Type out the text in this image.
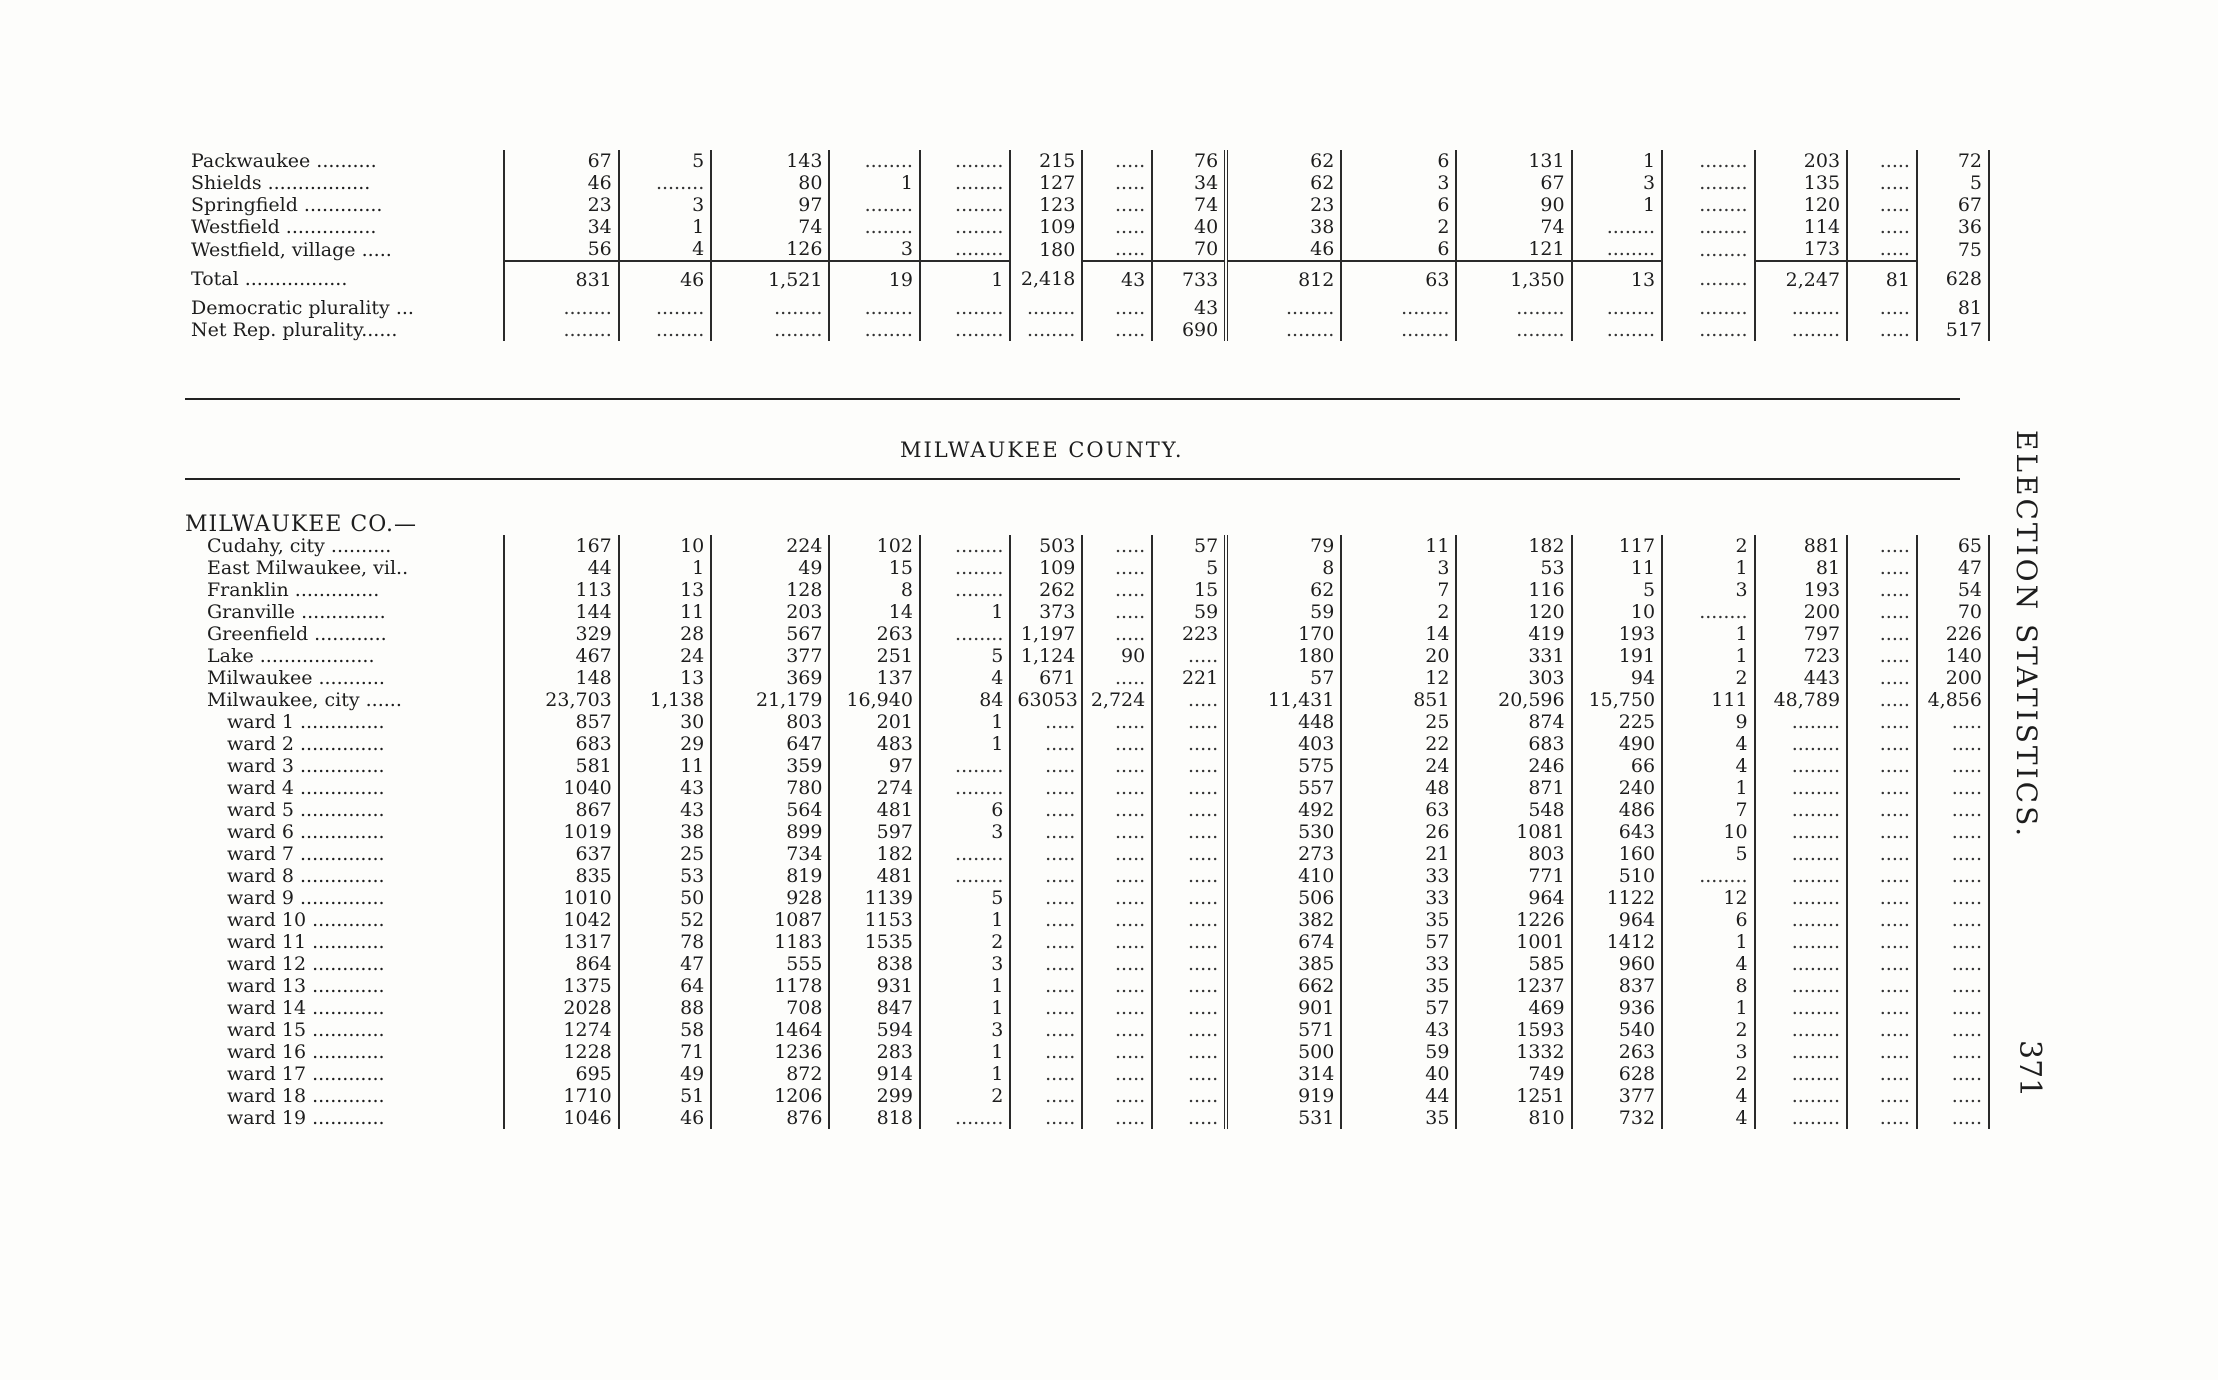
Packwaukee ..........	67	5	143	........	........	215	.....	76	62	6	131	1	........	203	.....	72
Shields .................	46	........	80	1	........	127	.....	34	62	3	67	3	........	135	.....	5
Springfield .............	23	3	97	........	........	123	.....	74	23	6	90	1	........	120	.....	67
Westfield ...............	34	1	74	........	........	109	.....	40	38	2	74	........	........	114	.....	36
Westfield, village .....	56	4	126	3	........	180	.....	70	46	6	121	........	........	173	.....	75
Total .................	831	46	1,521	19	1	2,418	43	733	812	63	1,350	13	........	2,247	81	628
Democratic plurality ...	........	........	........	........	........	........	.....	43	........	........	........	........	........	........	.....	81
Net Rep. plurality......	........	........	........	........	........	........	.....	690	........	........	........	........	........	........	.....	517
MILWAUKEE COUNTY.
MILWAUKEE CO.—
Cudahy, city ..........	167	10	224	102	........	503	.....	57	79	11	182	117	2	881	.....	65
East Milwaukee, vil..	44	1	49	15	........	109	.....	5	8	3	53	11	1	81	.....	47
Franklin ..............	113	13	128	8	........	262	.....	15	62	7	116	5	3	193	.....	54
Granville ..............	144	11	203	14	1	373	.....	59	59	2	120	10	........	200	.....	70
Greenfield ............	329	28	567	263	........	1,197	.....	223	170	14	419	193	1	797	.....	226
Lake ...................	467	24	377	251	5	1,124	90	.....	180	20	331	191	1	723	.....	140
Milwaukee ...........	148	13	369	137	4	671	.....	221	57	12	303	94	2	443	.....	200
Milwaukee, city ......	23,703	1,138	21,179	16,940	84	63053	2,724	.....	11,431	851	20,596	15,750	111	48,789	.....	4,856
ward 1 ..............	857	30	803	201	1	.....	.....	.....	448	25	874	225	9	........	.....	.....
ward 2 ..............	683	29	647	483	1	.....	.....	.....	403	22	683	490	4	........	.....	.....
ward 3 ..............	581	11	359	97	........	.....	.....	.....	575	24	246	66	4	........	.....	.....
ward 4 ..............	1040	43	780	274	........	.....	.....	.....	557	48	871	240	1	........	.....	.....
ward 5 ..............	867	43	564	481	6	.....	.....	.....	492	63	548	486	7	........	.....	.....
ward 6 ..............	1019	38	899	597	3	.....	.....	.....	530	26	1081	643	10	........	.....	.....
ward 7 ..............	637	25	734	182	........	.....	.....	.....	273	21	803	160	5	........	.....	.....
ward 8 ..............	835	53	819	481	........	.....	.....	.....	410	33	771	510	........	........	.....	.....
ward 9 ..............	1010	50	928	1139	5	.....	.....	.....	506	33	964	1122	12	........	.....	.....
ward 10 ............	1042	52	1087	1153	1	.....	.....	.....	382	35	1226	964	6	........	.....	.....
ward 11 ............	1317	78	1183	1535	2	.....	.....	.....	674	57	1001	1412	1	........	.....	.....
ward 12 ............	864	47	555	838	3	.....	.....	.....	385	33	585	960	4	........	.....	.....
ward 13 ............	1375	64	1178	931	1	.....	.....	.....	662	35	1237	837	8	........	.....	.....
ward 14 ............	2028	88	708	847	1	.....	.....	.....	901	57	469	936	1	........	.....	.....
ward 15 ............	1274	58	1464	594	3	.....	.....	.....	571	43	1593	540	2	........	.....	.....
ward 16 ............	1228	71	1236	283	1	.....	.....	.....	500	59	1332	263	3	........	.....	.....
ward 17 ............	695	49	872	914	1	.....	.....	.....	314	40	749	628	2	........	.....	.....
ward 18 ............	1710	51	1206	299	2	.....	.....	.....	919	44	1251	377	4	........	.....	.....
ward 19 ............	1046	46	876	818	........	.....	.....	.....	531	35	810	732	4	........	.....	.....
ELECTION STATISTICS.
371
